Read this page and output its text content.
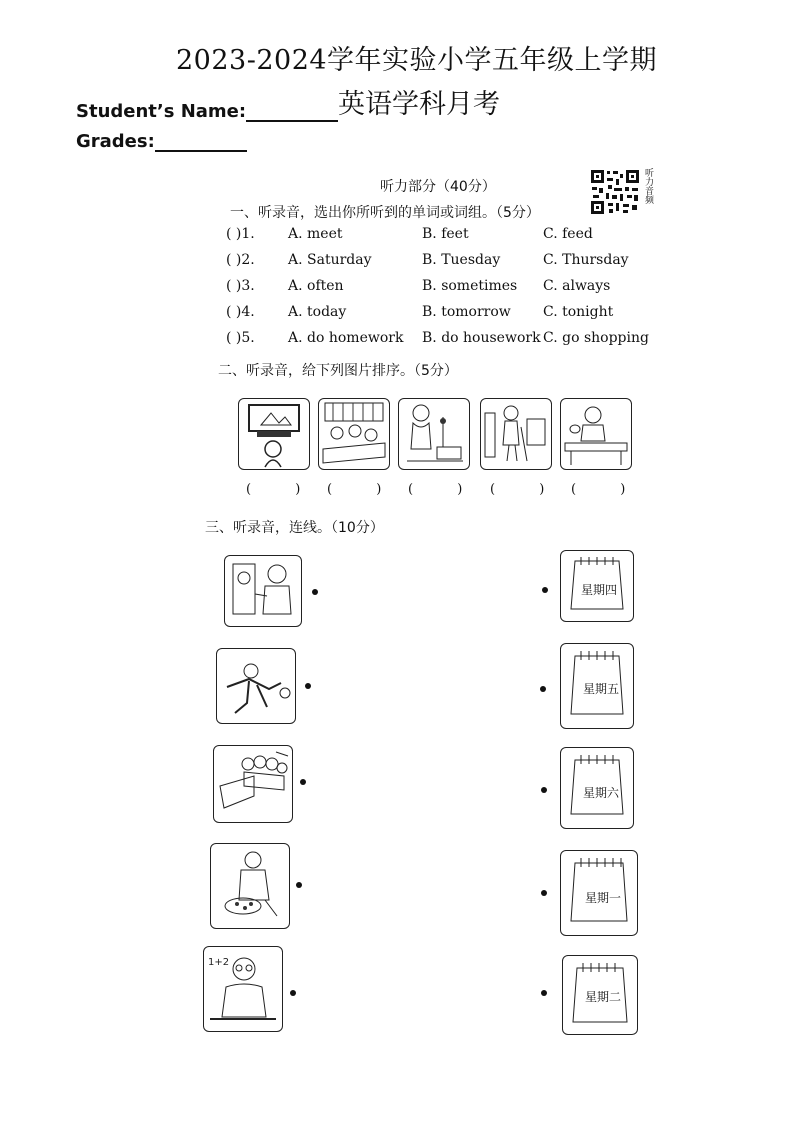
2023-2024学年实验小学五年级上学期
Student’s Name:	英语学科月考
Grades:
听力部分（40分）	听力音频
一、听录音，选出你所听到的单词或词组。（5分）
( )1. A. meet	B. feet	C. feed
( )2. A. Saturday	B. Tuesday	C. Thursday
( )3. A. often	B. sometimes C. always
( )4. A. today	B. tomorrow C. tonight
( )5. A. do homework B. do housework C. go shopping
二、听录音，给下列图片排序。（5分）
( ) ( ) ( ) ( ) ( )
三、听录音，连线。（10分）
1+2
星期四
星期五
星期六
星期一
星期二
